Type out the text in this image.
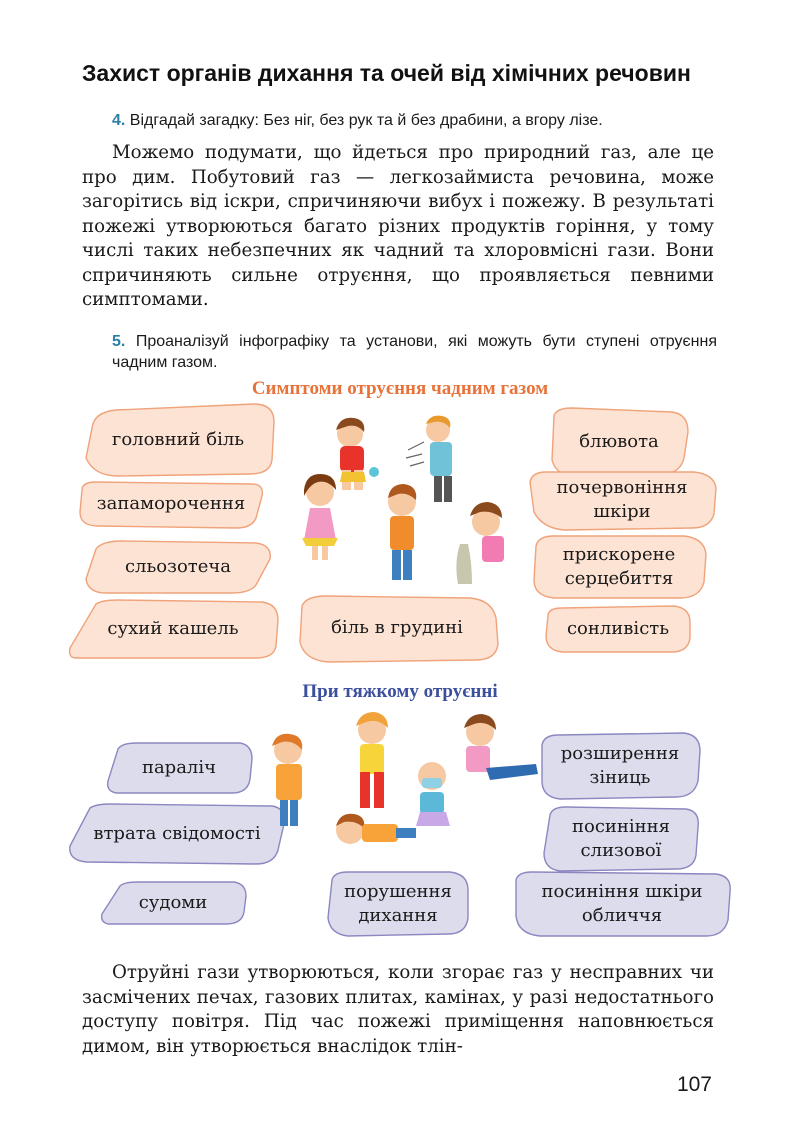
Захист органів дихання та очей від хімічних речовин
4. Відгадай загадку: Без ніг, без рук та й без драбини, а вгору лізе.

Можемо подумати, що йдеться про природний газ, але це про дим. Побутовий газ — легкозаймиста речовина, може загорітись від іскри, спричиняючи вибух і пожежу. В результаті пожежі утворюються багато різних продуктів горіння, у тому числі таких небезпечних як чадний та хлоровмісні гази. Вони спричиняють сильне отруєння, що проявляється певними симптомами.

5. Проаналізуй інфографіку та установи, які можуть бути ступені отруєння чадним газом.
Симптоми отруєння чадним газом
головний біль
запаморочення
сльозотеча
сухий кашель	біль в грудині
блювота
почервоніння шкіри
прискорене серцебиття
сонливість
При тяжкому отруєнні
параліч
втрата свідомості
судоми
порушення дихання
розширення зіниць
посиніння слизової
посиніння шкіри обличчя

Отруйні гази утворюються, коли згорає газ у несправних чи засмічених печах, газових плитах, камінах, у разі недостатнього доступу повітря. Під час пожежі приміщення наповнюється димом, він утворюється внаслідок тлін-

107
